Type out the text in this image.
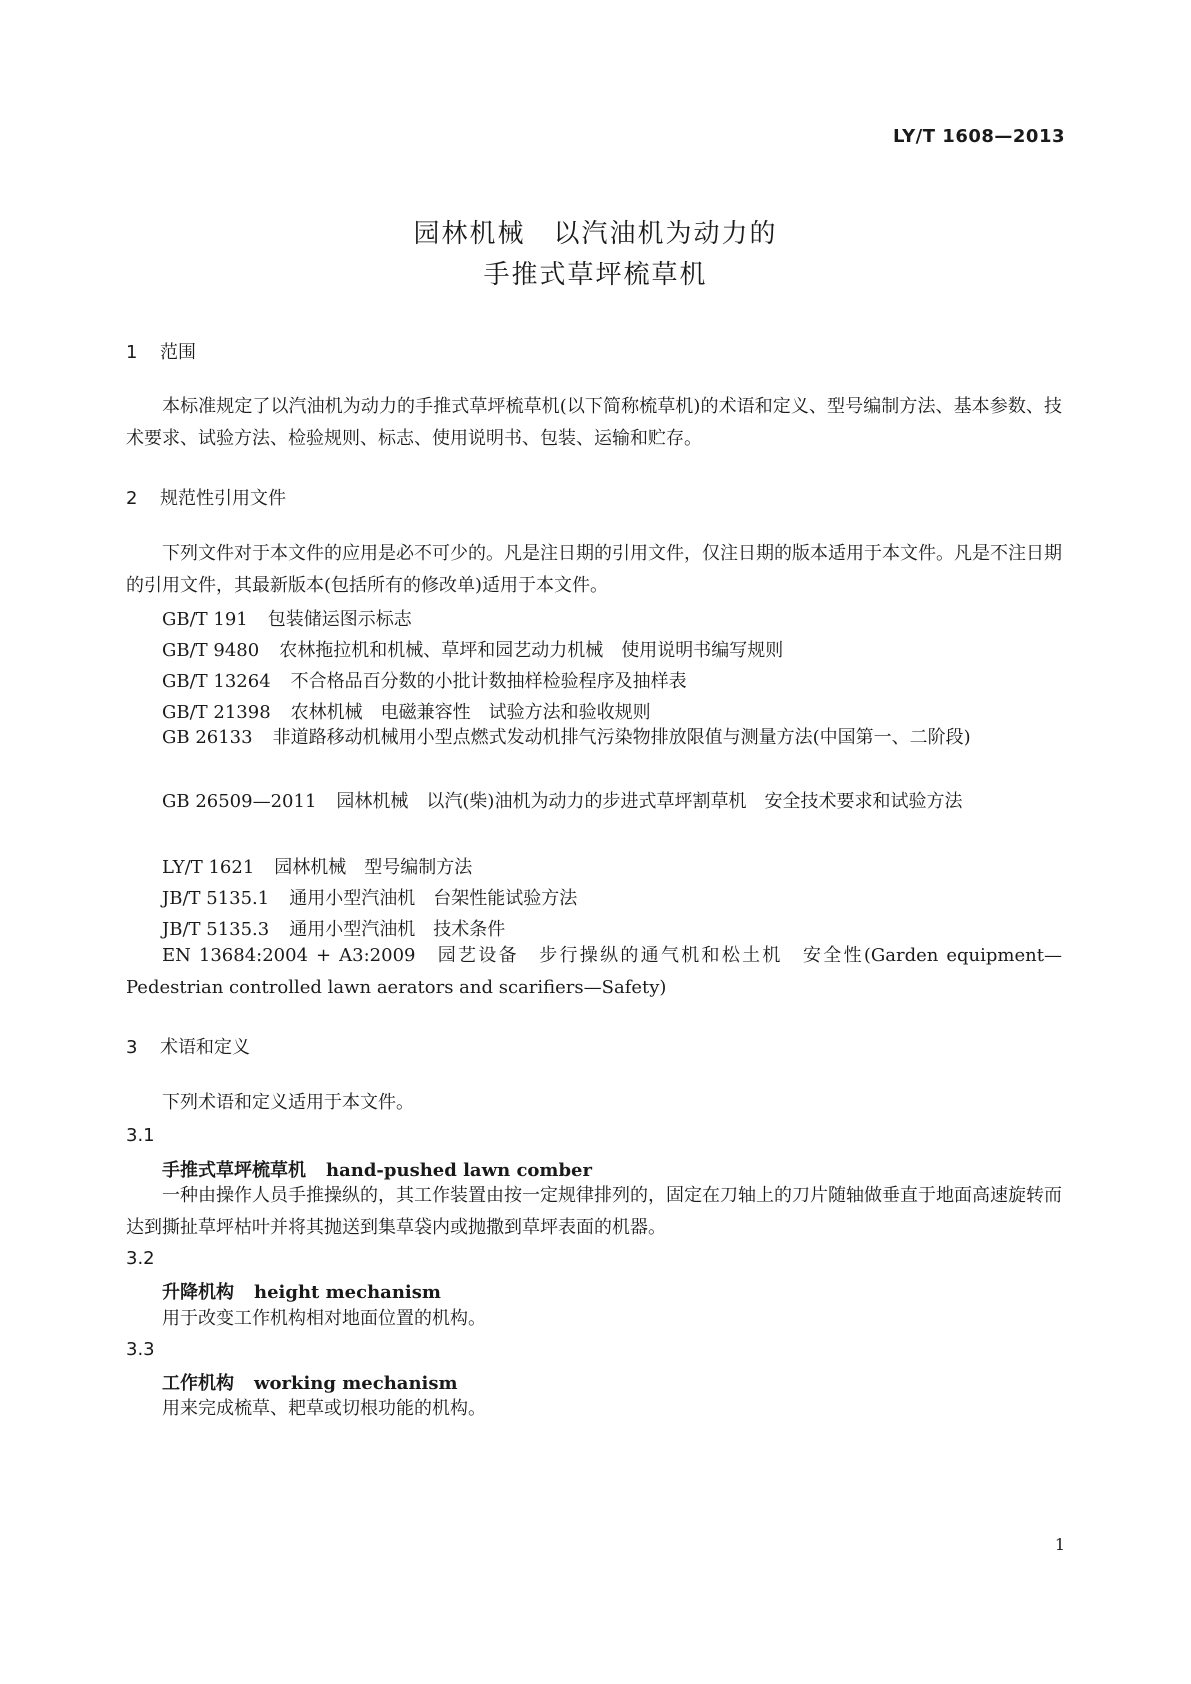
LY/T 1608—2013
园林机械　以汽油机为动力的
手推式草坪梳草机
1 范围

本标准规定了以汽油机为动力的手推式草坪梳草机(以下简称梳草机)的术语和定义、型号编制方法、基本参数、技术要求、试验方法、检验规则、标志、使用说明书、包装、运输和贮存。

2 规范性引用文件

下列文件对于本文件的应用是必不可少的。凡是注日期的引用文件，仅注日期的版本适用于本文件。凡是不注日期的引用文件，其最新版本(包括所有的修改单)适用于本文件。

GB/T 191 包装储运图示标志
GB/T 9480 农林拖拉机和机械、草坪和园艺动力机械　使用说明书编写规则
GB/T 13264 不合格品百分数的小批计数抽样检验程序及抽样表
GB/T 21398 农林机械　电磁兼容性　试验方法和验收规则

GB 26133 非道路移动机械用小型点燃式发动机排气污染物排放限值与测量方法(中国第一、二阶段)

GB 26509—2011 园林机械　以汽(柴)油机为动力的步进式草坪割草机　安全技术要求和试验方法

LY/T 1621 园林机械　型号编制方法
JB/T 5135.1 通用小型汽油机　台架性能试验方法
JB/T 5135.3 通用小型汽油机　技术条件

EN 13684:2004 + A3:2009 园艺设备　步行操纵的通气机和松土机　安全性(Garden equipment—Pedestrian controlled lawn aerators and scarifiers—Safety)

3 术语和定义

下列术语和定义适用于本文件。

3.1
手推式草坪梳草机 hand-pushed lawn comber

一种由操作人员手推操纵的，其工作装置由按一定规律排列的，固定在刀轴上的刀片随轴做垂直于地面高速旋转而达到撕扯草坪枯叶并将其抛送到集草袋内或抛撒到草坪表面的机器。

3.2
升降机构 height mechanism

用于改变工作机构相对地面位置的机构。

3.3
工作机构 working mechanism

用来完成梳草、耙草或切根功能的机构。

1
